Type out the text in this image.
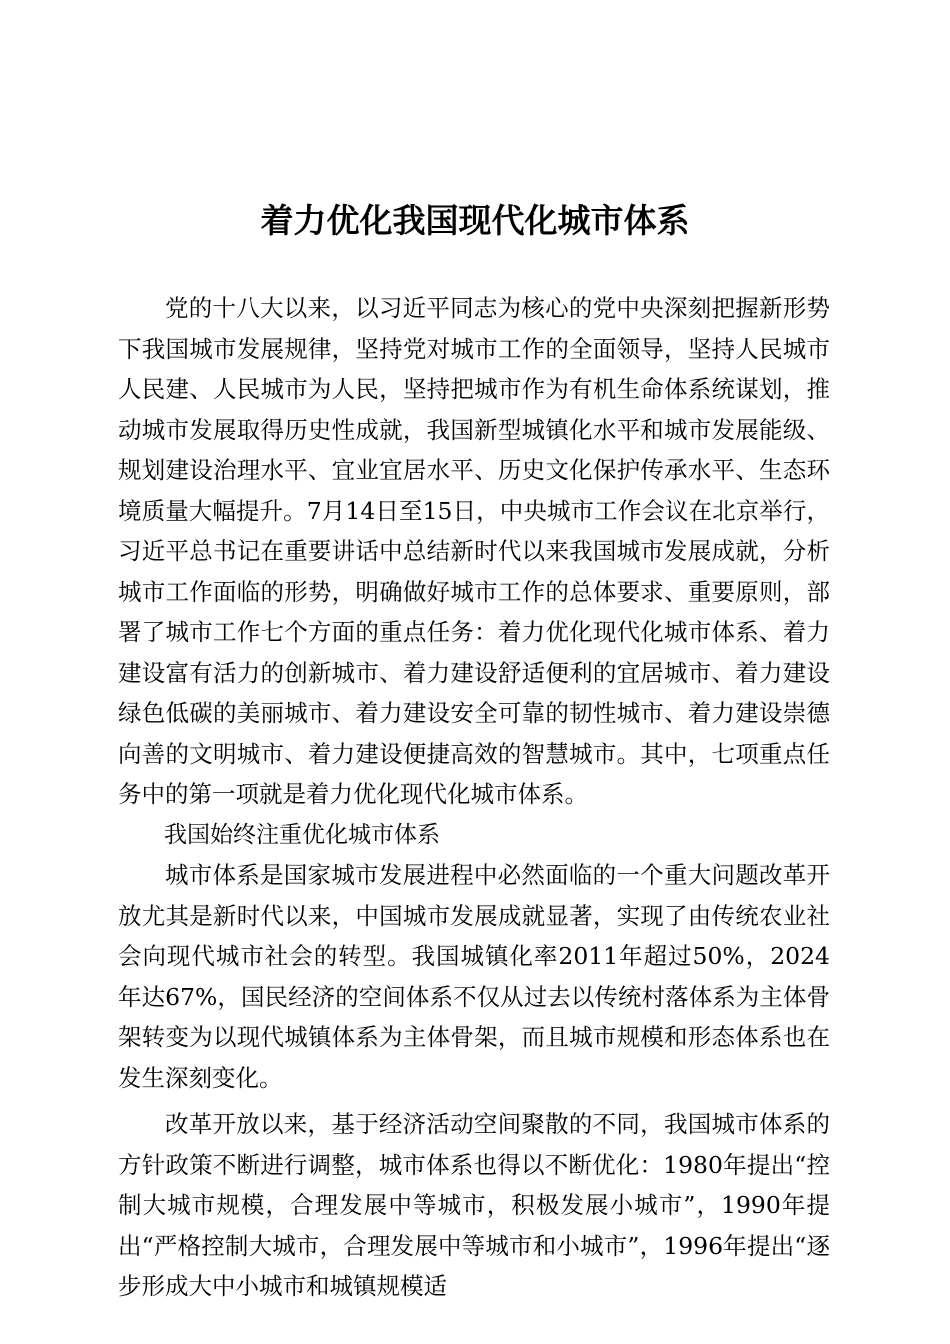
着力优化我国现代化城市体系

党的十八大以来，以习近平同志为核心的党中央深刻把握新形势下我国城市发展规律，坚持党对城市工作的全面领导，坚持人民城市人民建、人民城市为人民，坚持把城市作为有机生命体系统谋划，推动城市发展取得历史性成就，我国新型城镇化水平和城市发展能级、规划建设治理水平、宜业宜居水平、历史文化保护传承水平、生态环境质量大幅提升。7月14日至15日，中央城市工作会议在北京举行，习近平总书记在重要讲话中总结新时代以来我国城市发展成就，分析城市工作面临的形势，明确做好城市工作的总体要求、重要原则，部署了城市工作七个方面的重点任务：着力优化现代化城市体系、着力建设富有活力的创新城市、着力建设舒适便利的宜居城市、着力建设绿色低碳的美丽城市、着力建设安全可靠的韧性城市、着力建设崇德向善的文明城市、着力建设便捷高效的智慧城市。其中，七项重点任务中的第一项就是着力优化现代化城市体系。

我国始终注重优化城市体系

城市体系是国家城市发展进程中必然面临的一个重大问题改革开放尤其是新时代以来，中国城市发展成就显著，实现了由传统农业社会向现代城市社会的转型。我国城镇化率2011年超过50%，2024年达67%，国民经济的空间体系不仅从过去以传统村落体系为主体骨架转变为以现代城镇体系为主体骨架，而且城市规模和形态体系也在发生深刻变化。

改革开放以来，基于经济活动空间聚散的不同，我国城市体系的方针政策不断进行调整，城市体系也得以不断优化：1980年提出“控制大城市规模，合理发展中等城市，积极发展小城市”，1990年提出“严格控制大城市，合理发展中等城市和小城市”，1996年提出“逐步形成大中小城市和城镇规模适
